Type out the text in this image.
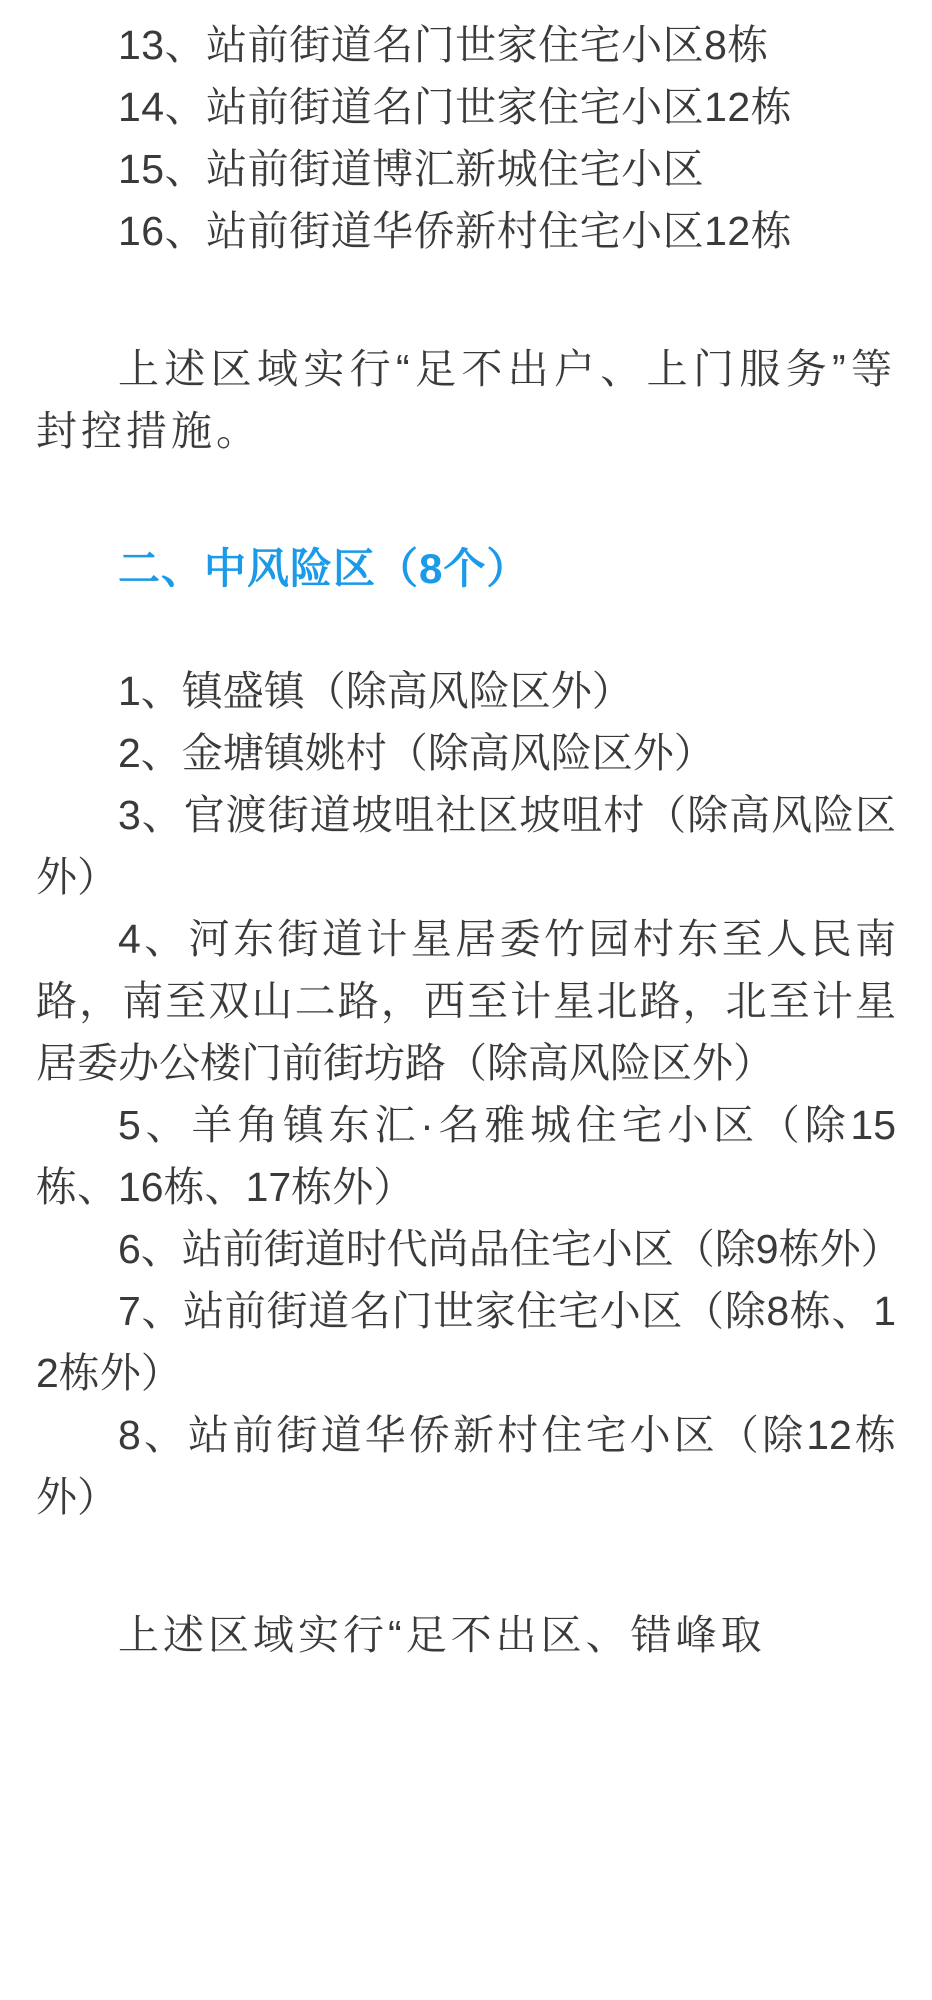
13、站前街道名门世家住宅小区8栋
14、站前街道名门世家住宅小区12栋
15、站前街道博汇新城住宅小区
16、站前街道华侨新村住宅小区12栋
上述区域实行“足不出户、上门服务”等封控措施。
二、中风险区（8个）
1、镇盛镇（除高风险区外）
2、金塘镇姚村（除高风险区外）
3、官渡街道坡咀社区坡咀村（除高风险区外）
4、河东街道计星居委竹园村东至人民南路，南至双山二路，西至计星北路，北至计星居委办公楼门前街坊路（除高风险区外）
5、羊角镇东汇·名雅城住宅小区（除15栋、16栋、17栋外）
6、站前街道时代尚品住宅小区（除9栋外）
7、站前街道名门世家住宅小区（除8栋、12栋外）
8、站前街道华侨新村住宅小区（除12栋外）
上述区域实行“足不出区、错峰取
